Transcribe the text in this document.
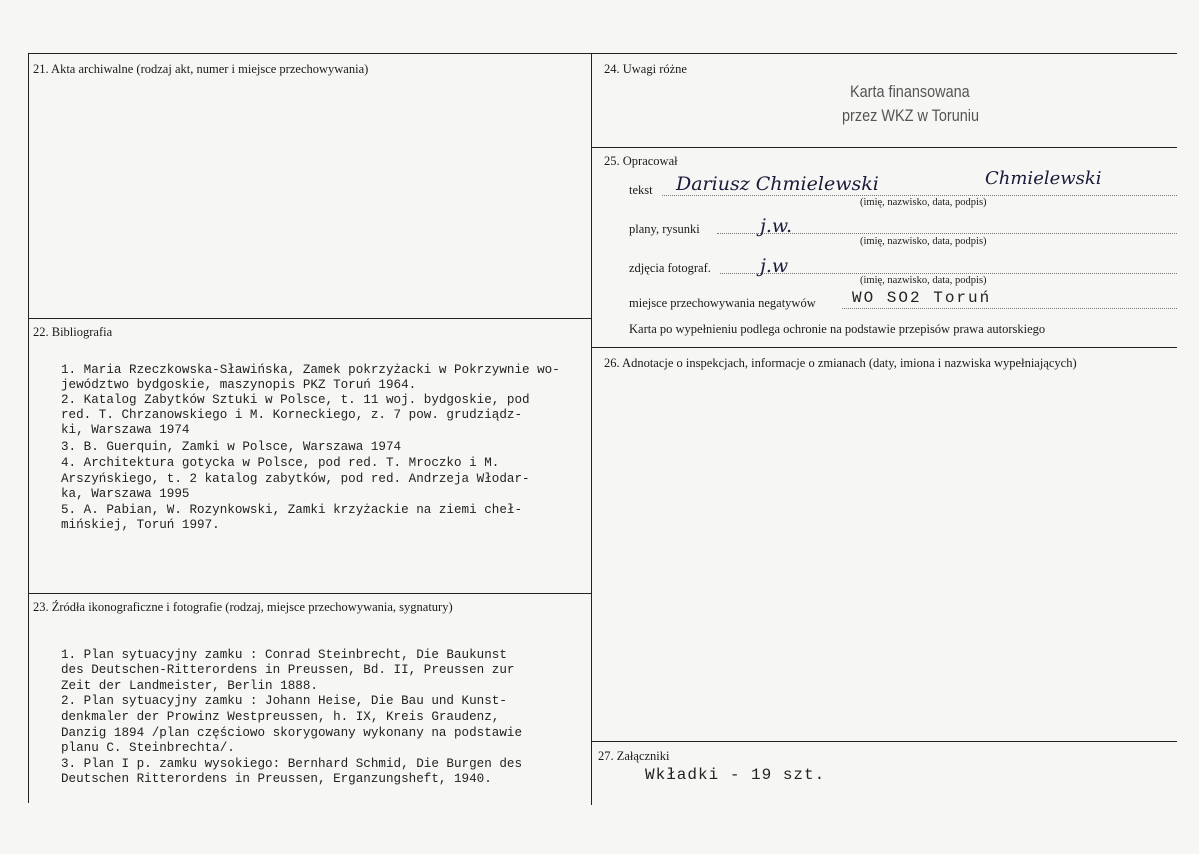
21. Akta archiwalne (rodzaj akt, numer i miejsce przechowywania)
22. Bibliografia
1. Maria Rzeczkowska-Sławińska, Zamek pokrzyżacki w Pokrzywnie wo-
jewództwo bydgoskie, maszynopis PKZ Toruń 1964.
2. Katalog Zabytków Sztuki w Polsce, t. 11 woj. bydgoskie, pod
red. T. Chrzanowskiego i M. Korneckiego, z. 7 pow. grudziądz-
ki, Warszawa 1974
3. B. Guerquin, Zamki w Polsce, Warszawa 1974
4. Architektura gotycka w Polsce, pod red. T. Mroczko i M.
Arszyńskiego, t. 2 katalog zabytków, pod red. Andrzeja Włodar-
ka, Warszawa 1995
5. A. Pabian, W. Rozynkowski, Zamki krzyżackie na ziemi cheł-
mińskiej, Toruń 1997.
23. Źródła ikonograficzne i fotografie (rodzaj, miejsce przechowywania, sygnatury)
1. Plan sytuacyjny zamku : Conrad Steinbrecht, Die Baukunst
des Deutschen-Ritterordens in Preussen, Bd. II, Preussen zur
Zeit der Landmeister, Berlin 1888.
2. Plan sytuacyjny zamku : Johann Heise, Die Bau und Kunst-
denkmaler der Prowinz Westpreussen, h. IX, Kreis Graudenz,
Danzig 1894 /plan częściowo skorygowany wykonany na podstawie
planu C. Steinbrechta/.
3. Plan I p. zamku wysokiego: Bernhard Schmid, Die Burgen des
Deutschen Ritterordens in Preussen, Erganzungsheft, 1940.
24. Uwagi różne
Karta finansowana
przez WKZ w Toruniu
25. Opracował
tekst Dariusz Chmielewski	Chmielewski
(imię, nazwisko, data, podpis)
plany, rysunki	j.w.
(imię, nazwisko, data, podpis)
zdjęcia fotograf.	j.w
(imię, nazwisko, data, podpis)
miejsce przechowywania negatywów WO SO2 Toruń
Karta po wypełnieniu podlega ochronie na podstawie przepisów prawa autorskiego
26. Adnotacje o inspekcjach, informacje o zmianach (daty, imiona i nazwiska wypełniających)
27. Załączniki
Wkładki - 19 szt.
